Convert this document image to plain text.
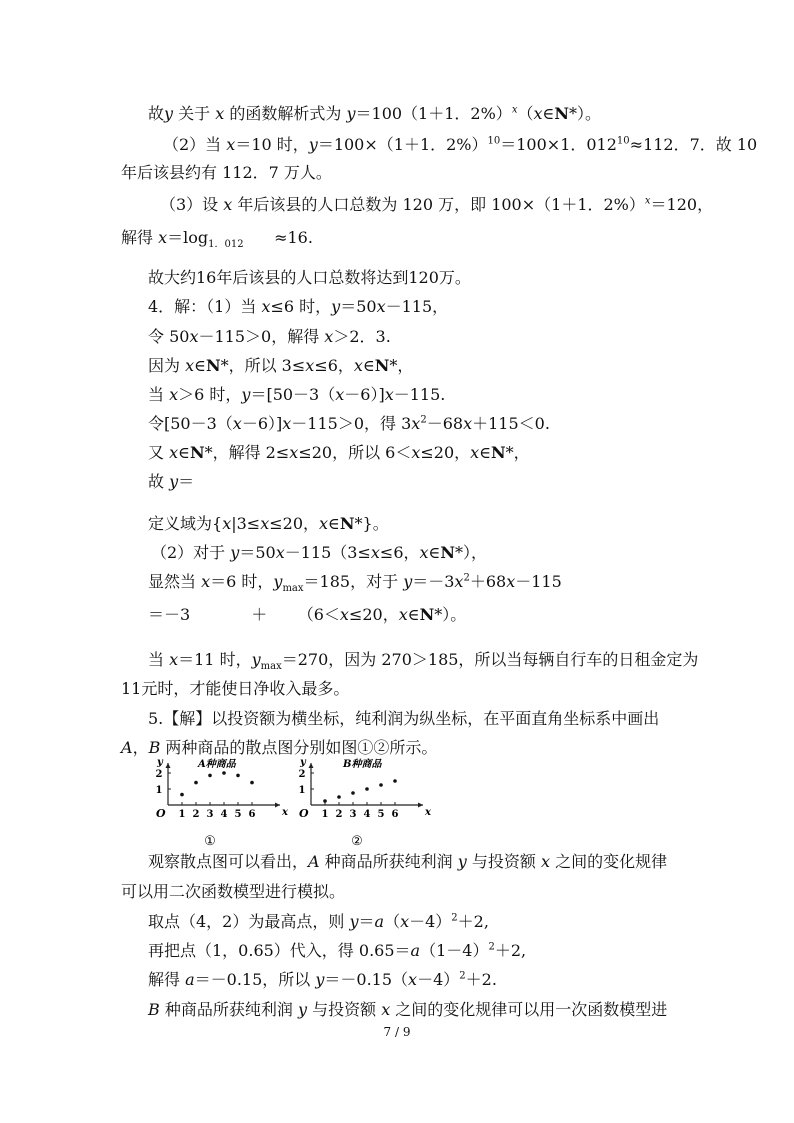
故y 关于 x 的函数解析式为 y＝100（1＋1．2%）$^x$（x∈N*）。
（2）当 x＝10 时，y＝100×（1＋1．2%）$^{10}$＝100×1．$012^{10}\approx 112$．7．故 10
年后该县约有 112．7 万人。
（3）设 x 年后该县的人口总数为 120 万，即 100×（1＋1．2%）$^x$＝120，
解得 $x=\log_{1.012}$      ≈16.
故大约16年后该县的人口总数将达到120万。
4．解：（1）当 x≤6 时，y＝50x－115，
令 50x－115＞0，解得 x＞2．3.
因为 x∈N*，所以 3≤x≤6，x∈N*，
当 x＞6 时，y＝[50－3（x－6）]x－115.
令[50－3（x－6）]x－115＞0，得 $3x^2-68x+115<0$.
又 x∈N*，解得 2≤x≤20，所以 6＜x≤20，x∈N*，
故 y＝
定义域为{x|3≤x≤20，x∈N*}。
（2）对于 y＝50x－115（3≤x≤6，x∈N*），
显然当 x＝6 时，$y_{max}=185$，对于 $y=-3x^2+68x-115$
＝－3            ＋      （6＜x≤20，x∈N*）。
当 x＝11 时，$y_{max}=270$，因为 270＞185，所以当每辆自行车的日租金定为
11元时，才能使日净收入最多。
5.【解】以投资额为横坐标，纯利润为纵坐标，在平面直角坐标系中画出
A，B 两种商品的散点图分别如图①②所示。
y
x
O 1 2 3 4 5 6
1
2
A种商品
①
y
x
O 1 2 3 4 5 6
1
2
B种商品
②
观察散点图可以看出，A 种商品所获纯利润 y 与投资额 x 之间的变化规律
可以用二次函数模型进行模拟。
取点（4，2）为最高点，则 $y=a(x-4)^2+2$,
再把点（1，0.65）代入，得 $0.65=a(1-4)^2+2$,
解得 a＝－0.15，所以 $y=-0.15(x-4)^2+2$.
B 种商品所获纯利润 y 与投资额 x 之间的变化规律可以用一次函数模型进
7 / 9
